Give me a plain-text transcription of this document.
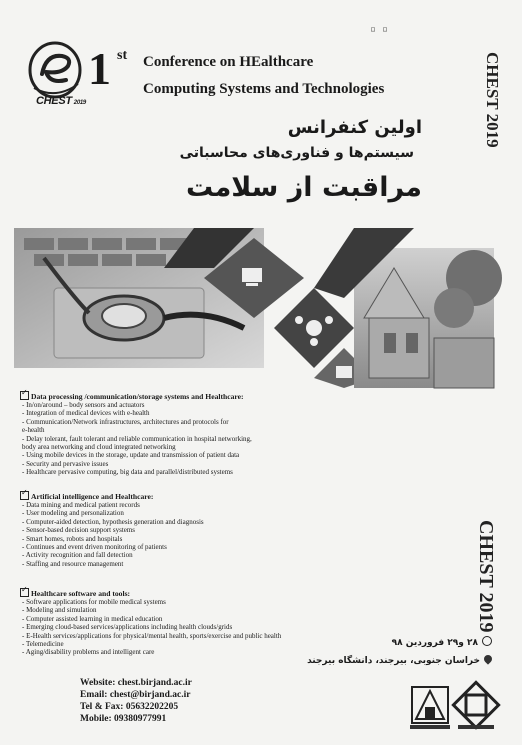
CHEST 2019
▫ ▫
1 st Conference on HEalthcare
Computing Systems and Technologies
اولین کنفرانس
سیستم‌ها و فناوری‌های محاسباتی
مراقبت از سلامت
CHEST 2019
CHEST 2019
✓Data processing /communication/storage systems and Healthcare:
- In/on/around – body sensors and actuators
- Integration of medical devices with e-health
- Communication/Network infrastructures, architectures and protocols for
e-health
- Delay tolerant, fault tolerant and reliable communication in hospital networking,
body area networking and cloud integrated networking
- Using mobile devices in the storage, update and transmission of patient data
- Security and pervasive issues
- Healthcare pervasive computing, big data and parallel/distributed systems
✓Artificial intelligence and Healthcare:
- Data mining and medical patient records
- User modeling and personalization
- Computer-aided detection, hypothesis generation and diagnosis
- Sensor-based decision support systems
- Smart homes, robots and hospitals
- Continues and event driven monitoring of patients
- Activity recognition and fall detection
- Staffing and resource management
✓Healthcare software and tools:
- Software applications for mobile medical systems
- Modeling and simulation
- Computer assisted learning in medical education
- Emerging cloud-based services/applications including health clouds/grids
- E-Health services/applications for physical/mental health, sports/exercise and public health
- Telemedicine
- Aging/disability problems and intelligent care
۲۸ و۲۹ فروردین ۹۸
خراسان جنوبی، بیرجند، دانشگاه بیرجند
Website: chest.birjand.ac.ir
Email: chest@birjand.ac.ir
Tel & Fax: 05632202205
Mobile: 09380977991
